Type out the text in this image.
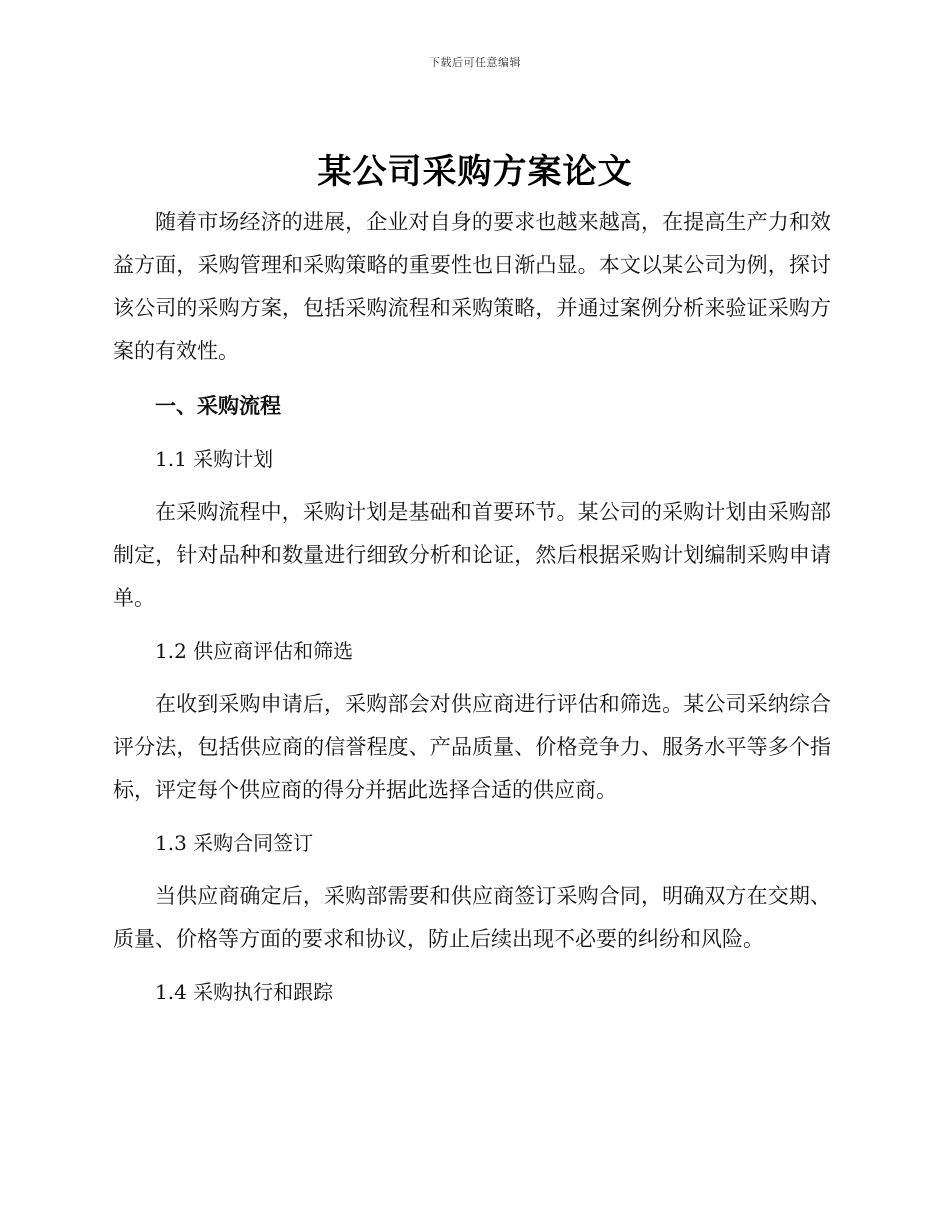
下载后可任意编辑
某公司采购方案论文

随着市场经济的进展，企业对自身的要求也越来越高，在提高生产力和效益方面，采购管理和采购策略的重要性也日渐凸显。本文以某公司为例，探讨该公司的采购方案，包括采购流程和采购策略，并通过案例分析来验证采购方案的有效性。

一、采购流程
1.1 采购计划

在采购流程中，采购计划是基础和首要环节。某公司的采购计划由采购部制定，针对品种和数量进行细致分析和论证，然后根据采购计划编制采购申请单。

1.2 供应商评估和筛选

在收到采购申请后，采购部会对供应商进行评估和筛选。某公司采纳综合评分法，包括供应商的信誉程度、产品质量、价格竞争力、服务水平等多个指标，评定每个供应商的得分并据此选择合适的供应商。

1.3 采购合同签订

当供应商确定后，采购部需要和供应商签订采购合同，明确双方在交期、质量、价格等方面的要求和协议，防止后续出现不必要的纠纷和风险。

1.4 采购执行和跟踪
